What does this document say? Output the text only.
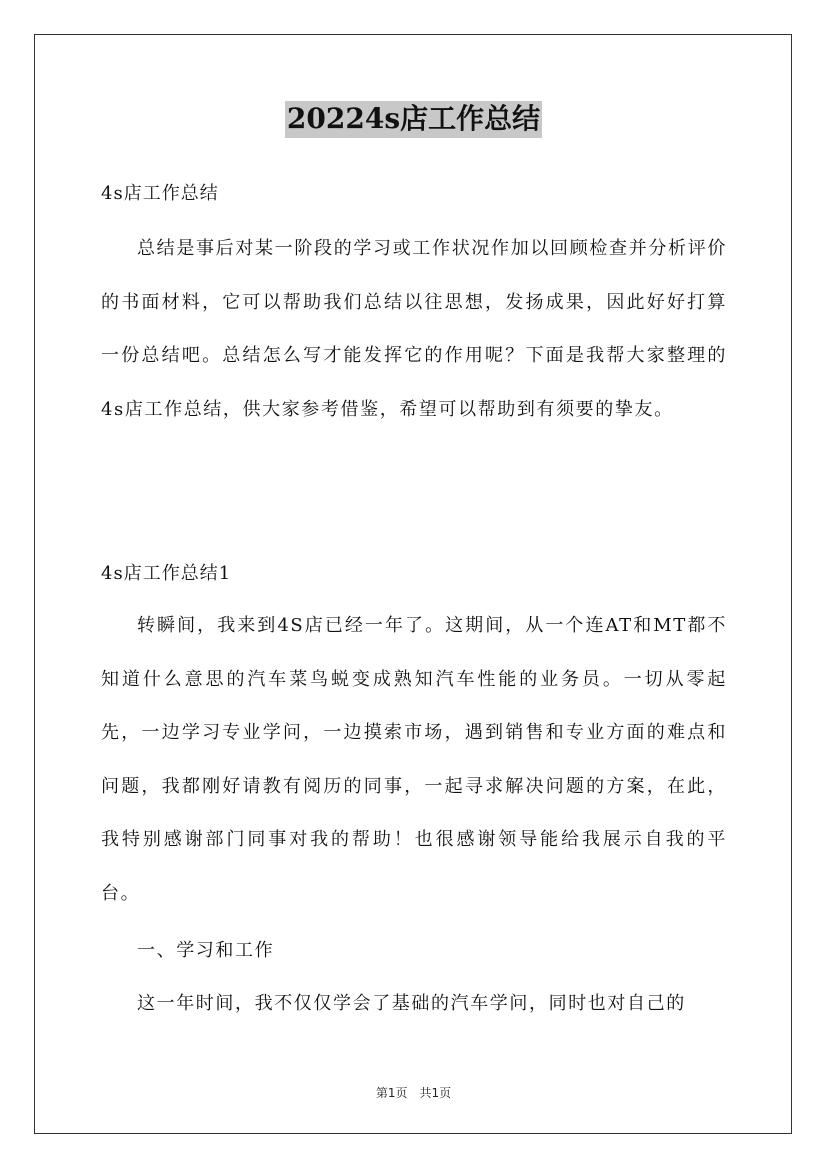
20224s店工作总结

4s店工作总结

总结是事后对某一阶段的学习或工作状况作加以回顾检查并分析评价的书面材料，它可以帮助我们总结以往思想，发扬成果，因此好好打算一份总结吧。总结怎么写才能发挥它的作用呢？下面是我帮大家整理的4s店工作总结，供大家参考借鉴，希望可以帮助到有须要的挚友。

4s店工作总结1

转瞬间，我来到4S店已经一年了。这期间，从一个连AT和MT都不知道什么意思的汽车菜鸟蜕变成熟知汽车性能的业务员。一切从零起先，一边学习专业学问，一边摸索市场，遇到销售和专业方面的难点和问题，我都刚好请教有阅历的同事，一起寻求解决问题的方案，在此，我特别感谢部门同事对我的帮助！也很感谢领导能给我展示自我的平台。

一、学习和工作

这一年时间，我不仅仅学会了基础的汽车学问，同时也对自己的

第1页　共1页
